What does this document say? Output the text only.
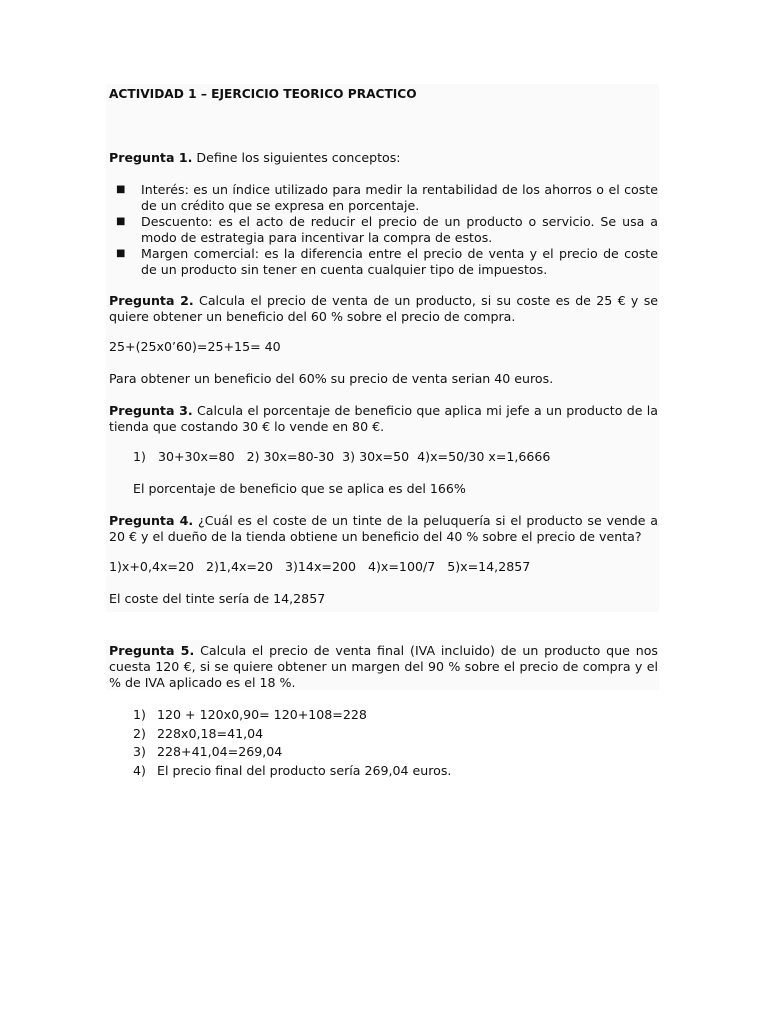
ACTIVIDAD 1 – EJERCICIO TEORICO PRACTICO
Pregunta 1. Define los siguientes conceptos:
■ Interés: es un índice utilizado para medir la rentabilidad de los ahorros o el coste de un crédito que se expresa en porcentaje.
■ Descuento: es el acto de reducir el precio de un producto o servicio. Se usa a modo de estrategia para incentivar la compra de estos.
■ Margen comercial: es la diferencia entre el precio de venta y el precio de coste de un producto sin tener en cuenta cualquier tipo de impuestos.
Pregunta 2. Calcula el precio de venta de un producto, si su coste es de 25 € y se quiere obtener un beneficio del 60 % sobre el precio de compra.
25+(25x0’60)=25+15= 40
Para obtener un beneficio del 60% su precio de venta serian 40 euros.
Pregunta 3. Calcula el porcentaje de beneficio que aplica mi jefe a un producto de la tienda que costando 30 € lo vende en 80 €.
1) 30+30x=80   2) 30x=80-30  3) 30x=50  4)x=50/30 x=1,6666
El porcentaje de beneficio que se aplica es del 166%
Pregunta 4. ¿Cuál es el coste de un tinte de la peluquería si el producto se vende a 20 € y el dueño de la tienda obtiene un beneficio del 40 % sobre el precio de venta?
1)x+0,4x=20   2)1,4x=20   3)14x=200   4)x=100/7   5)x=14,2857
El coste del tinte sería de 14,2857
Pregunta 5. Calcula el precio de venta final (IVA incluido) de un producto que nos cuesta 120 €, si se quiere obtener un margen del 90 % sobre el precio de compra y el % de IVA aplicado es el 18 %.
1) 120 + 120x0,90= 120+108=228
2) 228x0,18=41,04
3) 228+41,04=269,04
4) El precio final del producto sería 269,04 euros.
